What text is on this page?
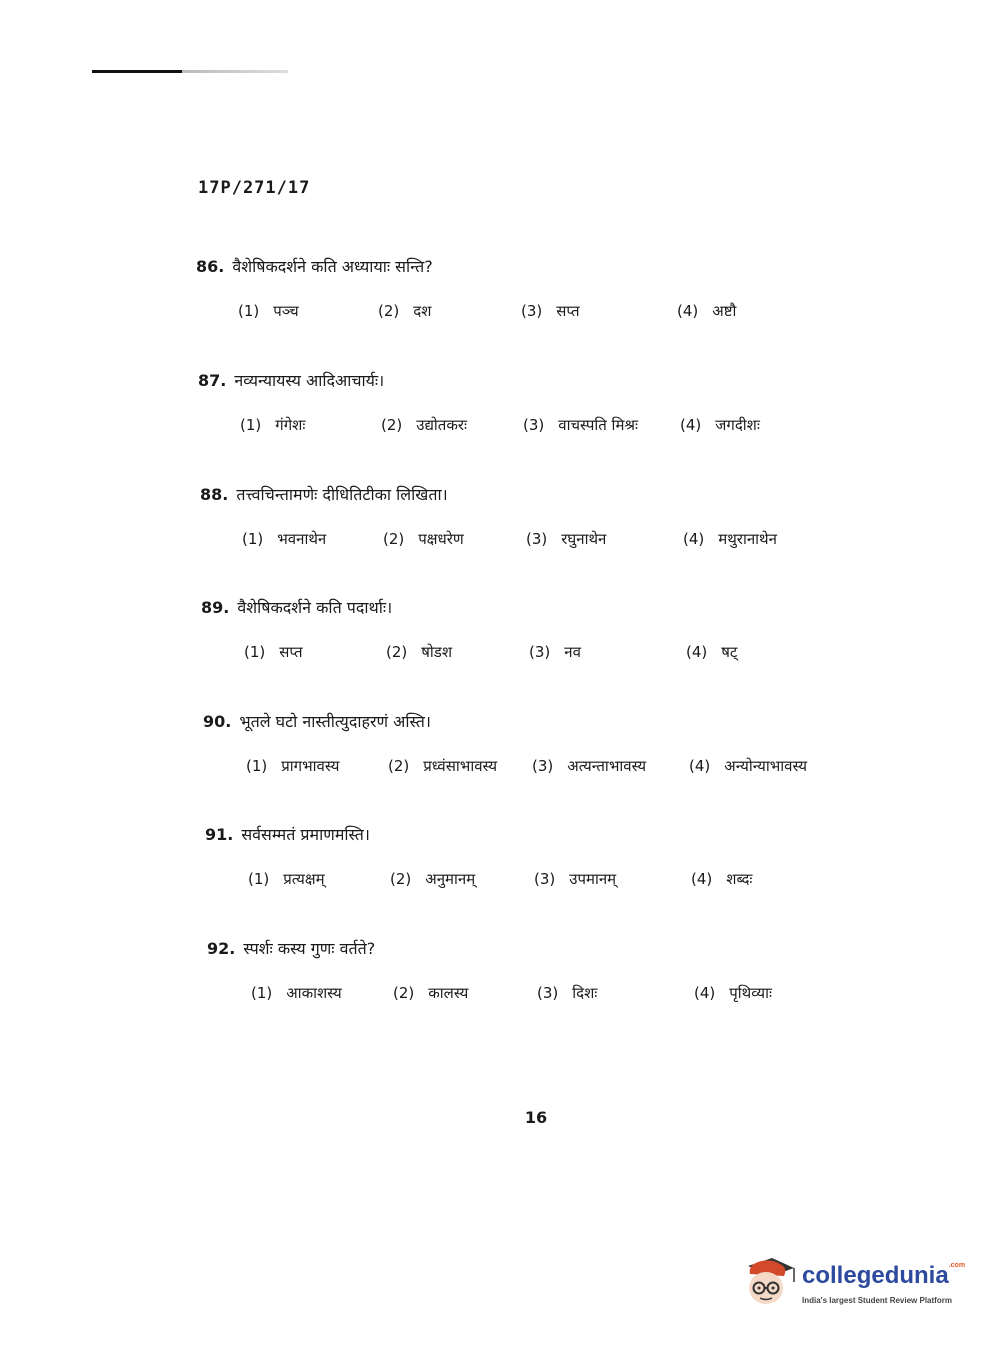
17P/271/17
86. वैशेषिकदर्शने कति अध्यायाः सन्ति?
(1) पञ्च	(2) दश	(3) सप्त	(4) अष्टौ
87. नव्यन्यायस्य आदिआचार्यः।
(1) गंगेशः	(2) उद्योतकरः	(3) वाचस्पति मिश्रः	(4) जगदीशः
88. तत्त्वचिन्तामणेः दीधितिटीका लिखिता।
(1) भवनाथेन	(2) पक्षधरेण	(3) रघुनाथेन	(4) मथुरानाथेन
89. वैशेषिकदर्शने कति पदार्थाः।
(1) सप्त	(2) षोडश	(3) नव	(4) षट्
90. भूतले घटो नास्तीत्युदाहरणं अस्ति।
(1) प्रागभावस्य	(2) प्रध्वंसाभावस्य (3) अत्यन्ताभावस्य	(4) अन्योन्याभावस्य
91. सर्वसम्मतं प्रमाणमस्ति।
(1) प्रत्यक्षम्	(2) अनुमानम्	(3) उपमानम्	(4) शब्दः
92. स्पर्शः कस्य गुणः वर्तते?
(1) आकाशस्य	(2) कालस्य	(3) दिशः	(4) पृथिव्याः
16
collegedunia$^{.com}$
India's largest Student Review Platform
